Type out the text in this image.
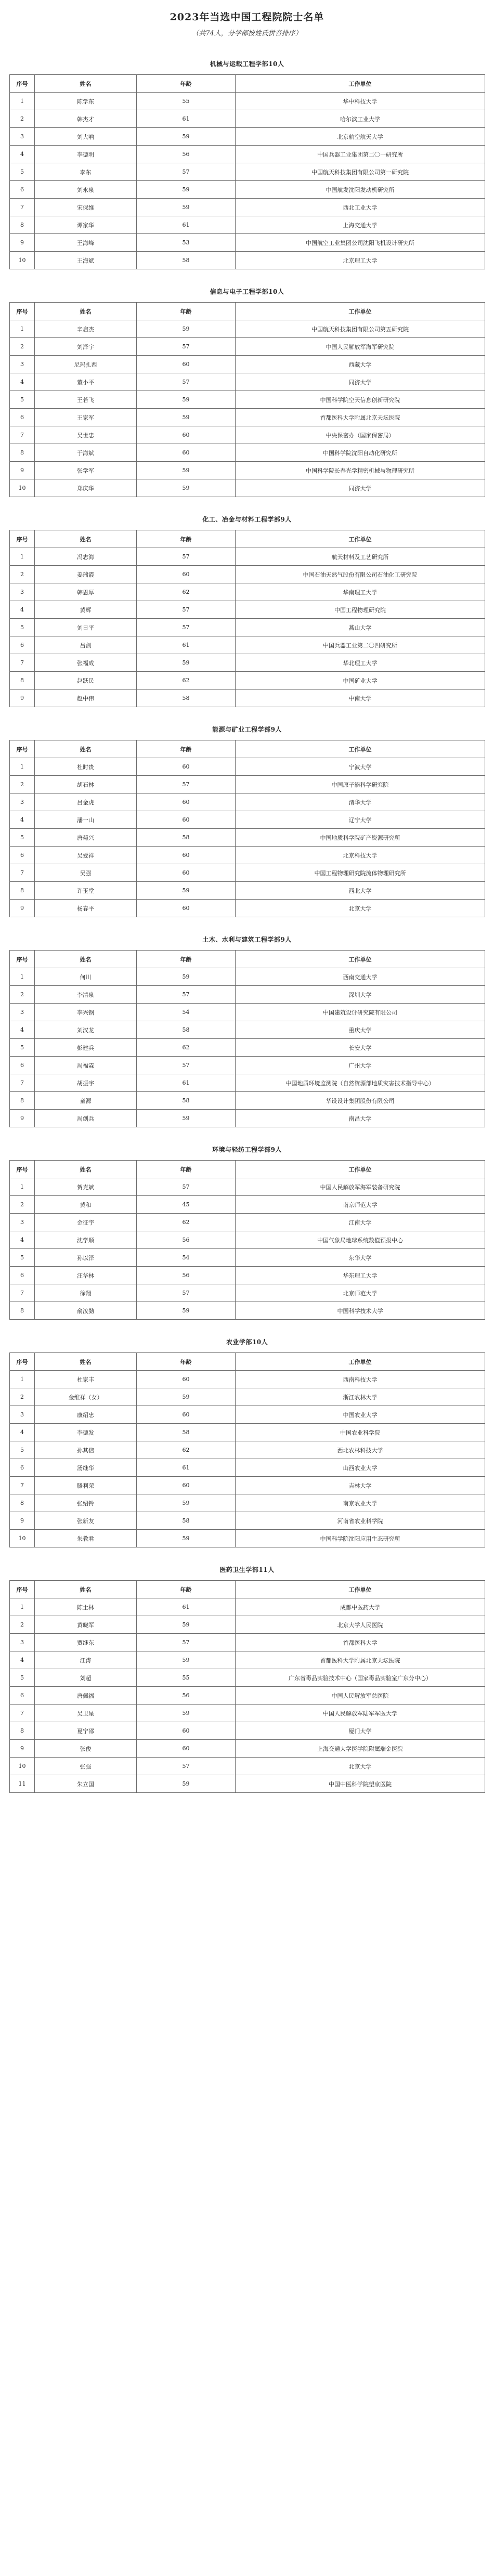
2023年当选中国工程院院士名单
（共74人，分学部按姓氏拼音排序）
机械与运载工程学部10人
序号	姓名	年龄	工作单位
1	陈学东	55	华中科技大学
2	韩杰才	61	哈尔滨工业大学
3	刘大响	59	北京航空航天大学
4	李德明	56	中国兵器工业集团第二〇一研究所
5	李东	57	中国航天科技集团有限公司第一研究院
6	刘永泉	59	中国航发沈阳发动机研究所
7	宋保维	59	西北工业大学
8	谭家华	61	上海交通大学
9	王海峰	53	中国航空工业集团公司沈阳飞机设计研究所
10	王海斌	58	北京理工大学
信息与电子工程学部10人
序号	姓名	年龄	工作单位
1	辛启杰	59	中国航天科技集团有限公司第五研究院
2	刘泽宇	57	中国人民解放军海军研究院
3	尼玛扎西	60	西藏大学
4	董小平	57	同济大学
5	王若飞	59	中国科学院空天信息创新研究院
6	王家军	59	首都医科大学附属北京天坛医院
7	吴世忠	60	中央保密办（国家保密局）
8	于海斌	60	中国科学院沈阳自动化研究所
9	张学军	59	中国科学院长春光学精密机械与物理研究所
10	郑庆华	59	同济大学
化工、冶金与材料工程学部9人
序号	姓名	年龄	工作单位
1	冯志海	57	航天材料及工艺研究所
2	姜瑞霞	60	中国石油天然气股份有限公司石油化工研究院
3	韩恩厚	62	华南理工大学
4	黄辉	57	中国工程物理研究院
5	刘日平	57	燕山大学
6	吕剑	61	中国兵器工业第二〇四研究所
7	张福成	59	华北理工大学
8	赵跃民	62	中国矿业大学
9	赵中伟	58	中南大学
能源与矿业工程学部9人
序号	姓名	年龄	工作单位
1	杜时贵	60	宁波大学
2	胡石林	57	中国原子能科学研究院
3	吕金虎	60	清华大学
4	潘一山	60	辽宁大学
5	唐菊兴	58	中国地质科学院矿产资源研究所
6	吴爱祥	60	北京科技大学
7	吴强	60	中国工程物理研究院流体物理研究所
8	许玉堂	59	西北大学
9	杨春平	60	北京大学
土木、水利与建筑工程学部9人
序号	姓名	年龄	工作单位
1	何川	59	西南交通大学
2	李清泉	57	深圳大学
3	李兴钢	54	中国建筑设计研究院有限公司
4	刘汉龙	58	重庆大学
5	彭建兵	62	长安大学
6	周福霖	57	广州大学
7	胡振宇	61	中国地质环境监测院（自然资源部地质灾害技术指导中心）
8	童源	58	华设设计集团股份有限公司
9	周创兵	59	南昌大学
环境与轻纺工程学部9人
序号	姓名	年龄	工作单位
1	贺克斌	57	中国人民解放军海军装备研究院
2	黄和	45	南京师范大学
3	金征宇	62	江南大学
4	沈学顺	56	中国气象局地球系统数值预报中心
5	孙以泽	54	东华大学
6	汪华林	56	华东理工大学
7	徐翔	57	北京师范大学
8	俞汝勤	59	中国科学技术大学
农业学部10人
序号	姓名	年龄	工作单位
1	杜家丰	60	西南科技大学
2	金维祥（女）	59	浙江农林大学
3	康绍忠	60	中国农业大学
4	李德发	58	中国农业科学院
5	孙其信	62	西北农林科技大学
6	汤继华	61	山西农业大学
7	滕利荣	60	吉林大学
8	张绍铃	59	南京农业大学
9	张新友	58	河南省农业科学院
10	朱教君	59	中国科学院沈阳应用生态研究所
医药卫生学部11人
序号	姓名	年龄	工作单位
1	陈士林	61	成都中医药大学
2	黄晓军	59	北京大学人民医院
3	贾继东	57	首都医科大学
4	江涛	59	首都医科大学附属北京天坛医院
5	刘超	55	广东省毒品实验技术中心（国家毒品实验室广东分中心）
6	唐佩福	56	中国人民解放军总医院
7	吴卫星	59	中国人民解放军陆军军医大学
8	夏宁邵	60	厦门大学
9	张俊	60	上海交通大学医学院附属瑞金医院
10	张强	57	北京大学
11	朱立国	59	中国中医科学院望京医院
